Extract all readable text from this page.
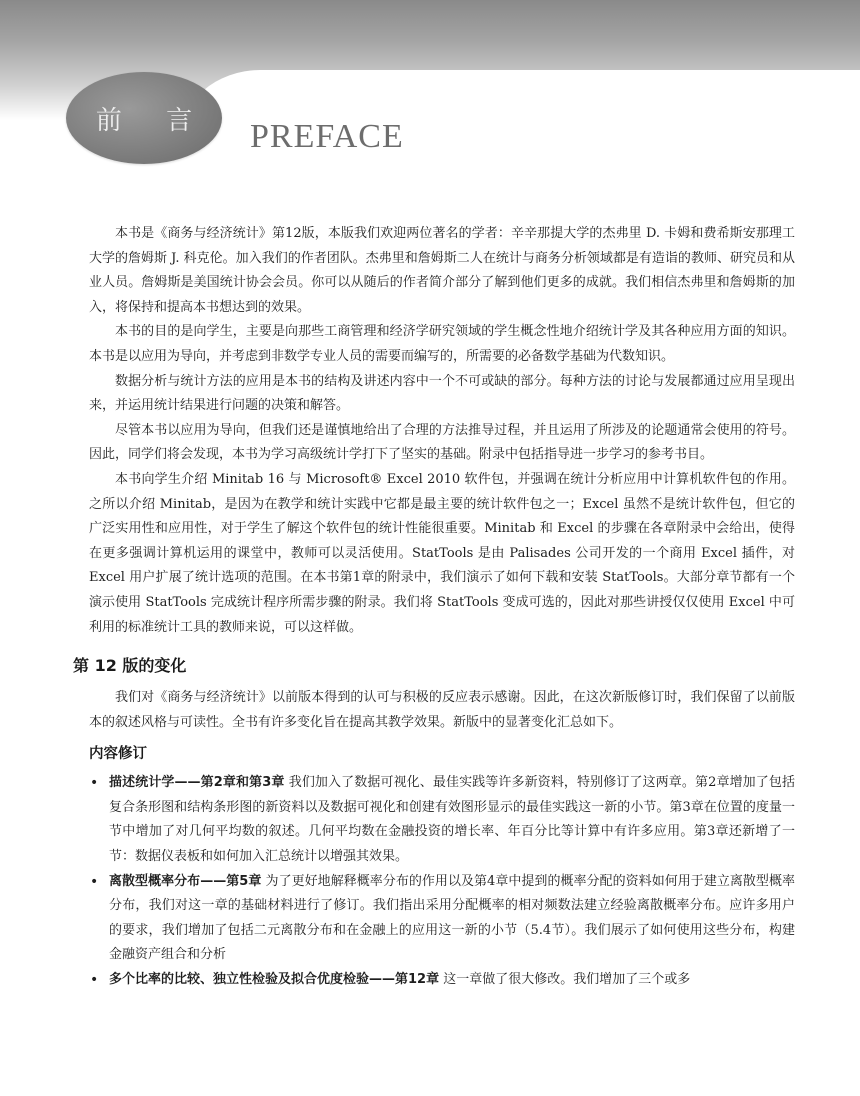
前 言 PREFACE

本书是《商务与经济统计》第12版，本版我们欢迎两位著名的学者：辛辛那提大学的杰弗里 D. 卡姆和费希斯安那理工大学的詹姆斯 J. 科克伦。加入我们的作者团队。杰弗里和詹姆斯二人在统计与商务分析领域都是有造诣的教师、研究员和从业人员。詹姆斯是美国统计协会会员。你可以从随后的作者简介部分了解到他们更多的成就。我们相信杰弗里和詹姆斯的加入，将保持和提高本书想达到的效果。

本书的目的是向学生，主要是向那些工商管理和经济学研究领域的学生概念性地介绍统计学及其各种应用方面的知识。本书是以应用为导向，并考虑到非数学专业人员的需要而编写的，所需要的必备数学基础为代数知识。

数据分析与统计方法的应用是本书的结构及讲述内容中一个不可或缺的部分。每种方法的讨论与发展都通过应用呈现出来，并运用统计结果进行问题的决策和解答。

尽管本书以应用为导向，但我们还是谨慎地给出了合理的方法推导过程，并且运用了所涉及的论题通常会使用的符号。因此，同学们将会发现，本书为学习高级统计学打下了坚实的基础。附录中包括指导进一步学习的参考书目。

本书向学生介绍 Minitab 16 与 Microsoft® Excel 2010 软件包，并强调在统计分析应用中计算机软件包的作用。之所以介绍 Minitab，是因为在教学和统计实践中它都是最主要的统计软件包之一；Excel 虽然不是统计软件包，但它的广泛实用性和应用性，对于学生了解这个软件包的统计性能很重要。Minitab 和 Excel 的步骤在各章附录中会给出，使得在更多强调计算机运用的课堂中，教师可以灵活使用。StatTools 是由 Palisades 公司开发的一个商用 Excel 插件，对 Excel 用户扩展了统计选项的范围。在本书第1章的附录中，我们演示了如何下载和安装 StatTools。大部分章节都有一个演示使用 StatTools 完成统计程序所需步骤的附录。我们将 StatTools 变成可选的，因此对那些讲授仅仅使用 Excel 中可利用的标准统计工具的教师来说，可以这样做。

第 12 版的变化

我们对《商务与经济统计》以前版本得到的认可与积极的反应表示感谢。因此，在这次新版修订时，我们保留了以前版本的叙述风格与可读性。全书有许多变化旨在提高其教学效果。新版中的显著变化汇总如下。

内容修订
• 描述统计学——第2章和第3章 我们加入了数据可视化、最佳实践等许多新资料，特别修订了这两章。第2章增加了包括复合条形图和结构条形图的新资料以及数据可视化和创建有效图形显示的最佳实践这一新的小节。第3章在位置的度量一节中增加了对几何平均数的叙述。几何平均数在金融投资的增长率、年百分比等计算中有许多应用。第3章还新增了一节：数据仪表板和如何加入汇总统计以增强其效果。
• 离散型概率分布——第5章 为了更好地解释概率分布的作用以及第4章中提到的概率分配的资料如何用于建立离散型概率分布，我们对这一章的基础材料进行了修订。我们指出采用分配概率的相对频数法建立经验离散概率分布。应许多用户的要求，我们增加了包括二元离散分布和在金融上的应用这一新的小节（5.4节）。我们展示了如何使用这些分布，构建金融资产组合和分析
• 多个比率的比较、独立性检验及拟合优度检验——第12章 这一章做了很大修改。我们增加了三个或多
